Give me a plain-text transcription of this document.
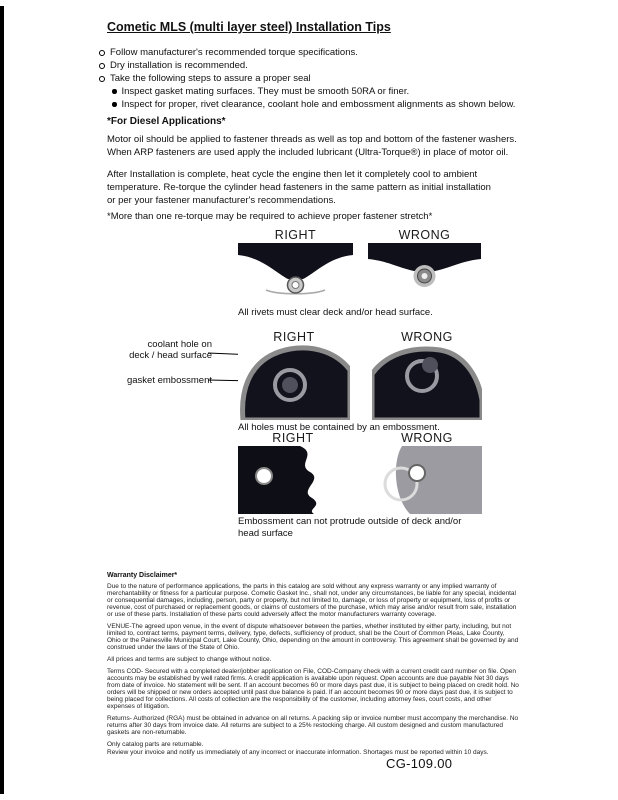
Cometic MLS (multi layer steel) Installation Tips
Follow manufacturer's recommended torque specifications.
Dry installation is recommended.
Take the following steps to assure a proper seal
Inspect gasket mating surfaces. They must be smooth 50RA or finer.
Inspect for proper, rivet clearance, coolant hole and embossment alignments as shown below.
*For Diesel Applications*
Motor oil should be applied to fastener threads as well as top and bottom of the fastener washers.
When ARP fasteners are used apply the included lubricant (Ultra-Torque®) in place of motor oil.
After Installation is complete, heat cycle the engine then let it completely cool to ambient
temperature. Re-torque the cylinder head fasteners in the same pattern as initial installation
or per your fastener manufacturer's recommendations.
*More than one re-torque may be required to achieve proper fastener stretch*
RIGHT	WRONG
All rivets must clear deck and/or head surface.
RIGHT	WRONG
coolant hole on
deck / head surface
gasket embossment
All holes must be contained by an embossment.
RIGHT	WRONG
Embossment can not protrude outside of deck and/or head surface
Warranty Disclaimer*

Due to the nature of performance applications, the parts in this catalog are sold without any express warranty or any implied warranty of merchantability or fitness for a particular purpose. Cometic Gasket Inc., shall not, under any circumstances, be liable for any special, incidental or consequential damages, including, person, party or property, but not limited to, damage, or loss of property or equipment, loss of profits or revenue, cost of purchased or replacement goods, or claims of customers of the purchase, which may arise and/or result from sale, installation or use of these parts. Installation of these parts could adversely affect the motor manufacturers warranty coverage.

VENUE-The agreed upon venue, in the event of dispute whatsoever between the parties, whether instituted by either party, including, but not limited to, contract terms, payment terms, delivery, type, defects, sufficiency of product, shall be the Court of Common Pleas, Lake County, Ohio or the Painesville Municipal Court, Lake County, Ohio, depending on the amount in controversy. This agreement shall be governed by and construed under the laws of the State of Ohio.

All prices and terms are subject to change without notice.

Terms COD- Secured with a completed dealer/jobber application on File, COD-Company check with a current credit card number on file. Open accounts may be established by well rated firms. A credit application is available upon request. Open accounts are due payable Net 30 days from date of invoice. No statement will be sent. If an account becomes 60 or more days past due, it is subject to being placed on credit hold. No orders will be shipped or new orders accepted until past due balance is paid. If an account becomes 90 or more days past due, it is subject to being placed for collections. All costs of collection are the responsibility of the customer, including attorney fees, court costs, and other expenses of litigation.

Returns- Authorized (RGA) must be obtained in advance on all returns. A packing slip or invoice number must accompany the merchandise. No returns after 30 days from invoice date. All returns are subject to a 25% restocking charge. All custom designed and custom manufactured gaskets are non-returnable.

Only catalog parts are returnable.

Review your invoice and notify us immediately of any incorrect or inaccurate information. Shortages must be reported within 10 days.

CG-109.00
